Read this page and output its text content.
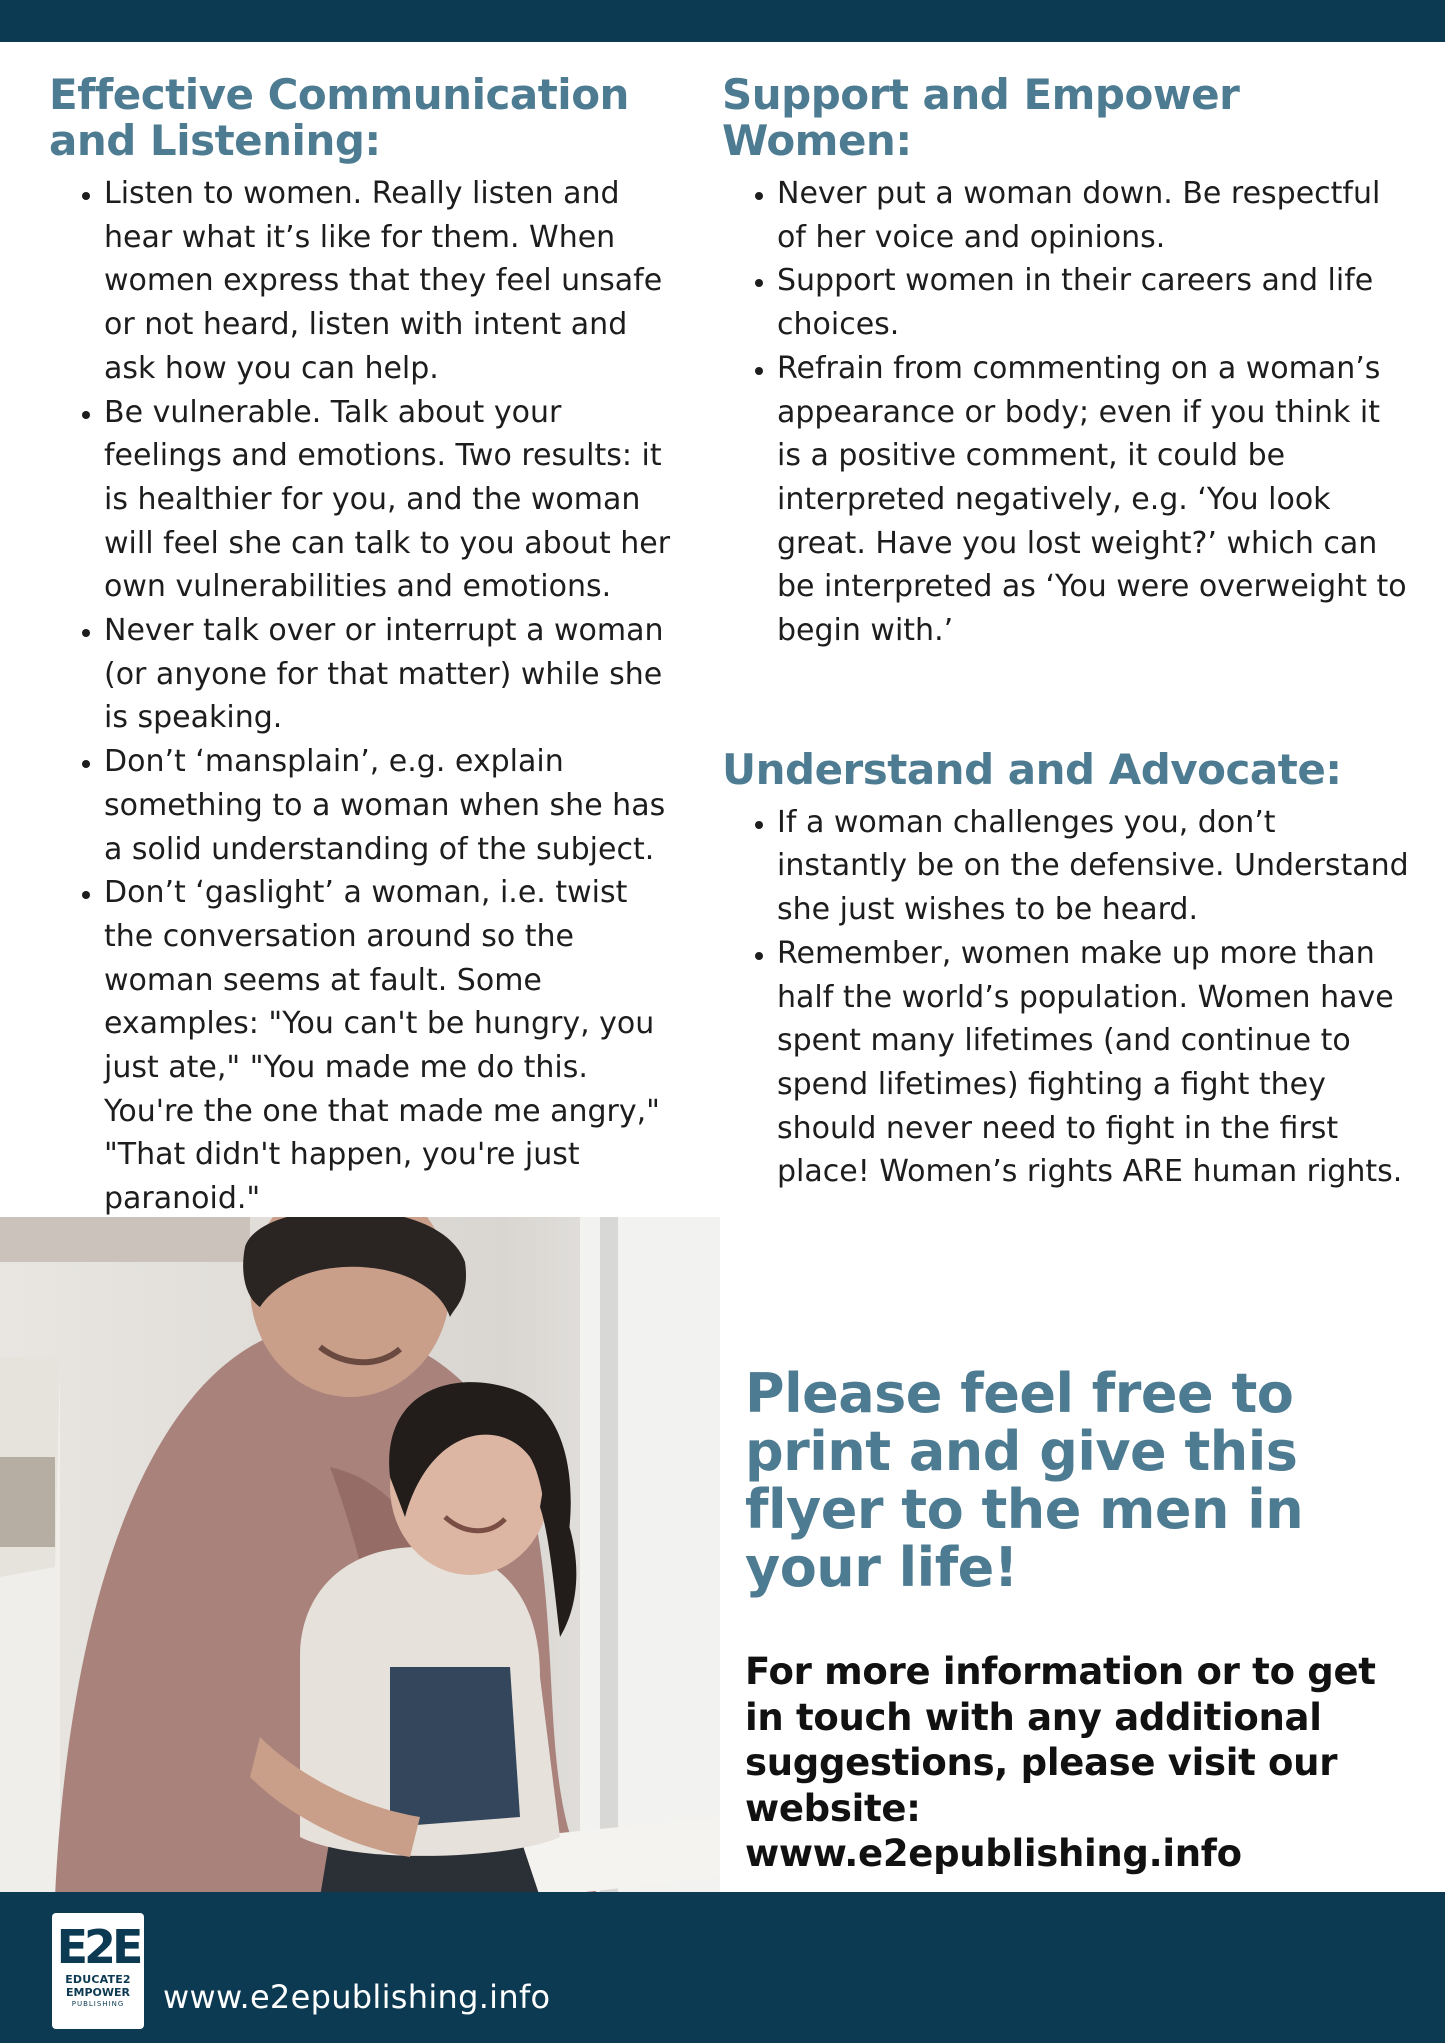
Effective Communication and Listening:
• Listen to women. Really listen and hear what it’s like for them. When women express that they feel unsafe or not heard, listen with intent and ask how you can help.
• Be vulnerable. Talk about your feelings and emotions. Two results: it is healthier for you, and the woman will feel she can talk to you about her own vulnerabilities and emotions.
• Never talk over or interrupt a woman (or anyone for that matter) while she is speaking.
• Don’t ‘mansplain’, e.g. explain something to a woman when she has a solid understanding of the subject.
• Don’t ‘gaslight’ a woman, i.e. twist the conversation around so the woman seems at fault. Some examples: "You can't be hungry, you just ate," "You made me do this. You're the one that made me angry," "That didn't happen, you're just paranoid."
Support and Empower Women:
• Never put a woman down. Be respectful of her voice and opinions.
• Support women in their careers and life choices.
• Refrain from commenting on a woman’s appearance or body; even if you think it is a positive comment, it could be interpreted negatively, e.g. ‘You look great. Have you lost weight?’ which can be interpreted as ‘You were overweight to begin with.’
Understand and Advocate:
• If a woman challenges you, don’t instantly be on the defensive. Understand she just wishes to be heard.
• Remember, women make up more than half the world’s population. Women have spent many lifetimes (and continue to spend lifetimes) fighting a fight they should never need to fight in the first place! Women’s rights ARE human rights.

Please feel free to print and give this flyer to the men in your life!

For more information or to get in touch with any additional suggestions, please visit our website:
www.e2epublishing.info

E2E
EDUCATE2
EMPOWER
PUBLISHING	www.e2epublishing.info
